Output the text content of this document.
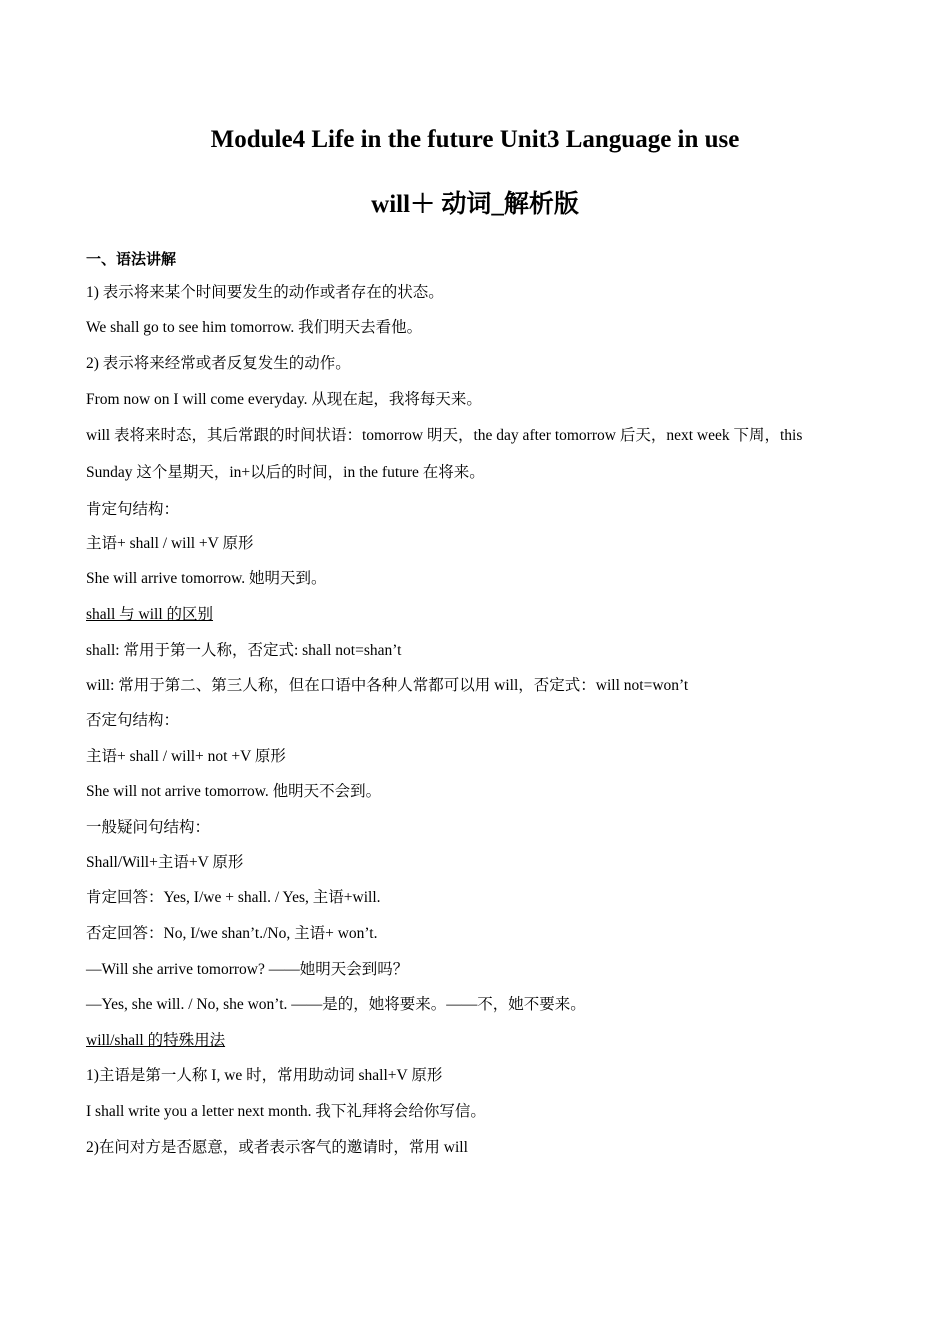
Module4 Life in the future Unit3 Language in use
will＋ 动词_解析版
一、语法讲解
1) 表示将来某个时间要发生的动作或者存在的状态。
We shall go to see him tomorrow. 我们明天去看他。
2) 表示将来经常或者反复发生的动作。
From now on I will come everyday. 从现在起，我将每天来。
will 表将来时态，其后常跟的时间状语：tomorrow 明天，the day after tomorrow 后天，next week 下周，this
Sunday 这个星期天，in+以后的时间，in the future 在将来。
肯定句结构：
主语+ shall / will +V 原形
She will arrive tomorrow. 她明天到。
shall 与 will 的区别
shall: 常用于第一人称，否定式: shall not=shan’t
will: 常用于第二、第三人称，但在口语中各种人常都可以用 will，否定式：will not=won’t
否定句结构：
主语+ shall / will+ not +V 原形
She will not arrive tomorrow. 他明天不会到。
一般疑问句结构：
Shall/Will+主语+V 原形
肯定回答：Yes, I/we + shall. / Yes, 主语+will.
否定回答：No, I/we shan’t./No, 主语+ won’t.
—Will she arrive tomorrow? ——她明天会到吗？
—Yes, she will. / No, she won’t. ——是的，她将要来。——不，她不要来。
will/shall 的特殊用法
1)主语是第一人称 I, we 时，常用助动词 shall+V 原形
I shall write you a letter next month. 我下礼拜将会给你写信。
2)在问对方是否愿意，或者表示客气的邀请时，常用 will
